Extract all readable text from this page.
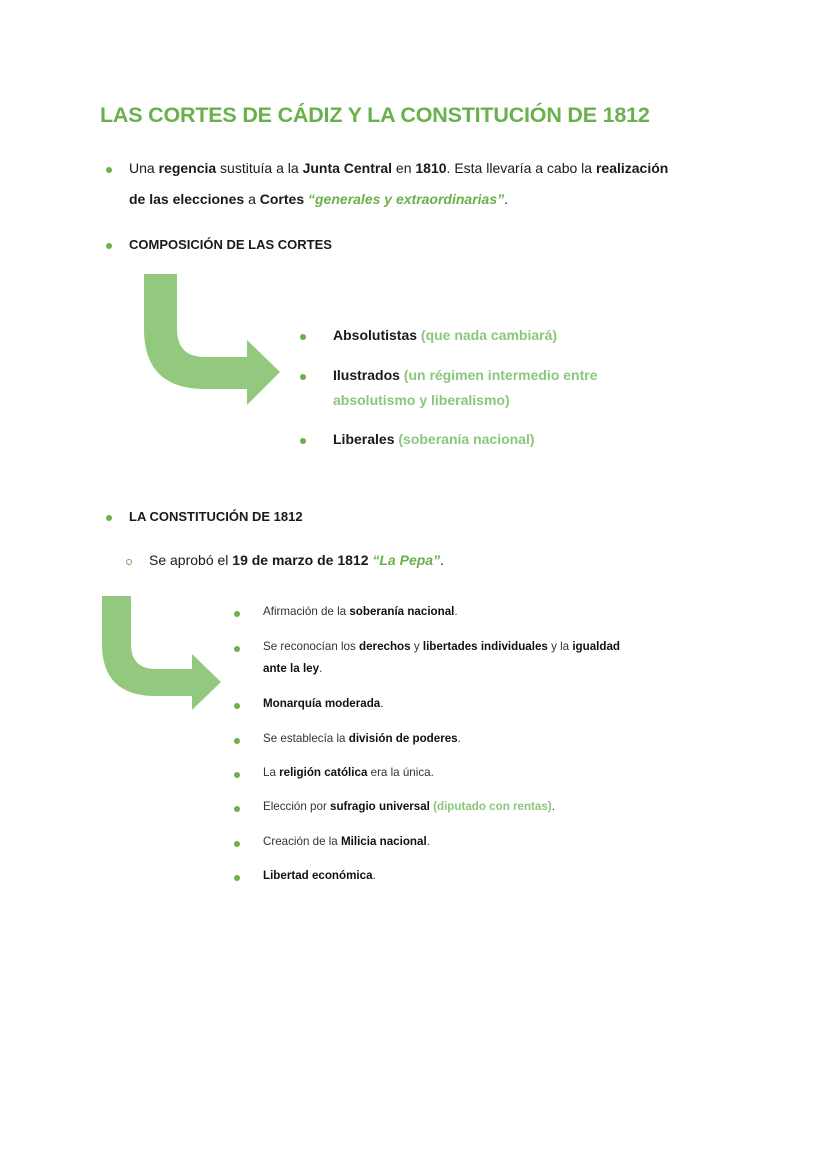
LAS CORTES DE CÁDIZ Y LA CONSTITUCIÓN DE 1812

Una regencia sustituía a la Junta Central en 1810. Esta llevaría a cabo la realización

de las elecciones a Cortes “generales y extraordinarias”.

COMPOSICIÓN DE LAS CORTES

Absolutistas (que nada cambiará)

Ilustrados (un régimen intermedio entre

absolutismo y liberalismo)

Liberales (soberanía nacional)

LA CONSTITUCIÓN DE 1812

Se aprobó el 19 de marzo de 1812 “La Pepa”.

Afirmación de la soberanía nacional.

Se reconocían los derechos y libertades individuales y la igualdad

ante la ley.

Monarquía moderada.

Se establecía la división de poderes.

La religión católica era la única.

Elección por sufragio universal (diputado con rentas).

Creación de la Milicia nacional.

Libertad económica.
